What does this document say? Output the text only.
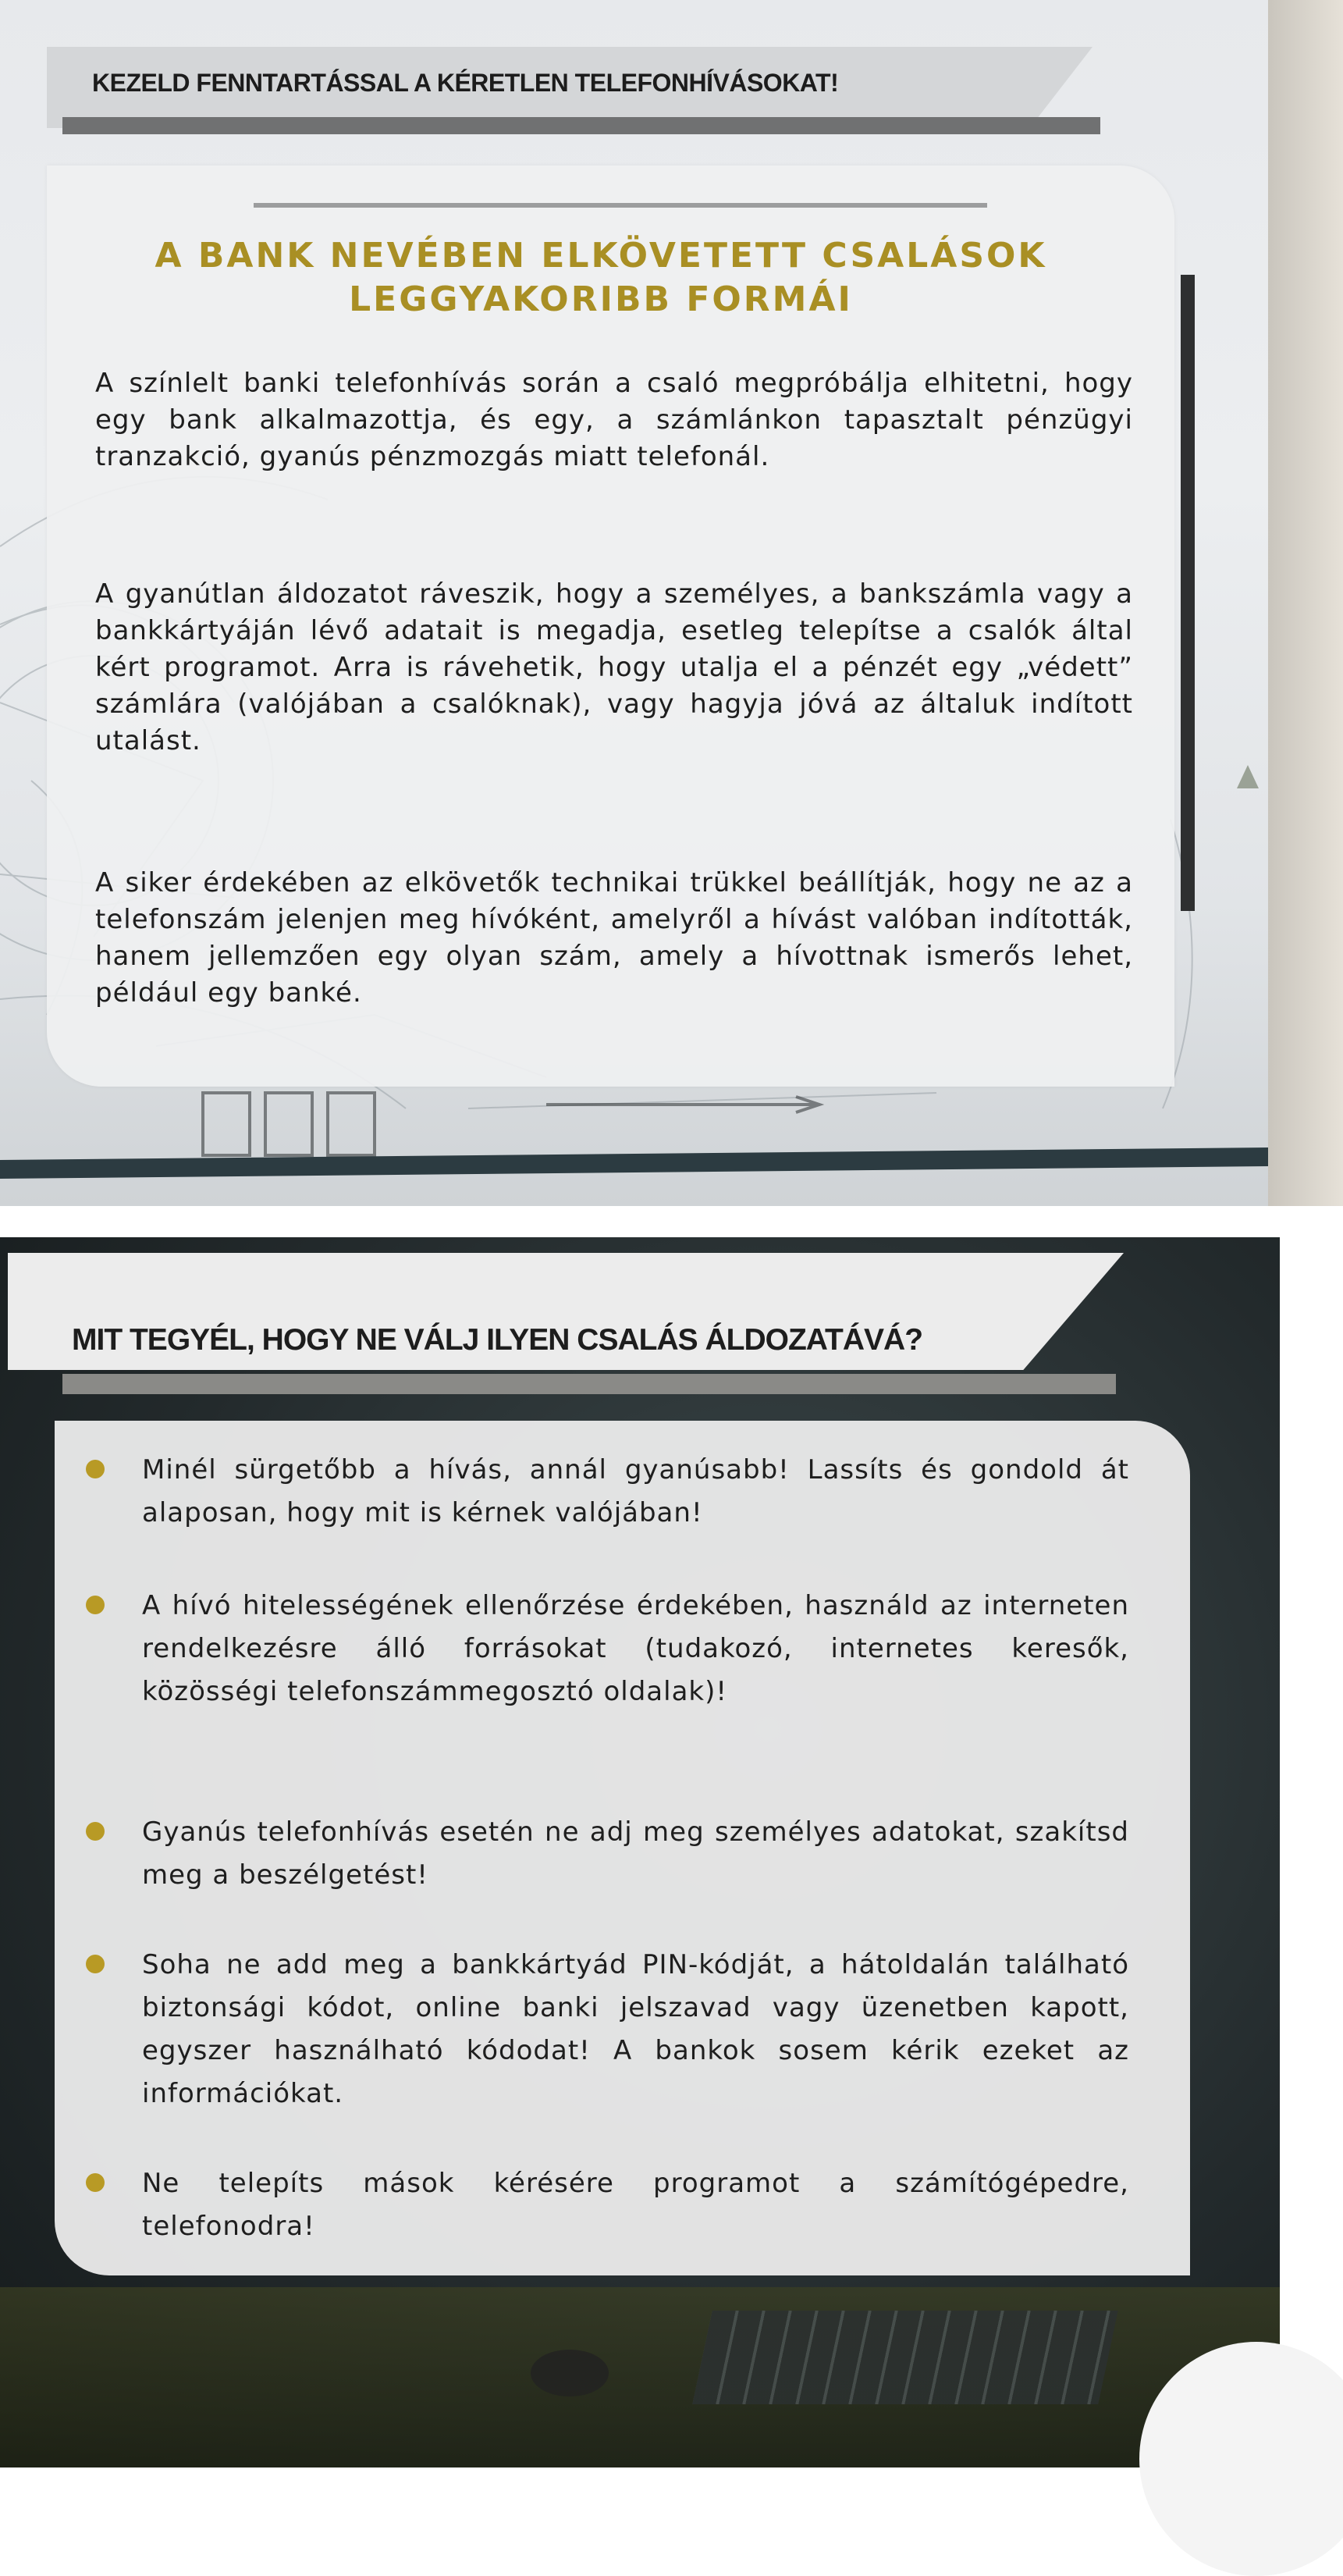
KEZELD FENNTARTÁSSAL A KÉRETLEN TELEFONHÍVÁSOKAT!
A BANK NEVÉBEN ELKÖVETETT CSALÁSOK
LEGGYAKORIBB FORMÁI

A színlelt banki telefonhívás során a csaló megpróbálja elhitetni, hogy egy bank alkalmazottja, és egy, a számlánkon tapasztalt pénzügyi tranzakció, gyanús pénzmozgás miatt telefonál.

A gyanútlan áldozatot ráveszik, hogy a személyes, a bankszámla vagy a bankkártyáján lévő adatait is megadja, esetleg telepítse a csalók által kért programot. Arra is rávehetik, hogy utalja el a pénzét egy „védett” számlára (valójában a csalóknak), vagy hagyja jóvá az általuk indított utalást.

A siker érdekében az elkövetők technikai trükkel beállítják, hogy ne az a telefonszám jelenjen meg hívóként, amelyről a hívást valóban indították, hanem jellemzően egy olyan szám, amely a hívottnak ismerős lehet, például egy banké.

MIT TEGYÉL, HOGY NE VÁLJ ILYEN CSALÁS ÁLDOZATÁVÁ?
Minél sürgetőbb a hívás, annál gyanúsabb! Lassíts és gondold át alaposan, hogy mit is kérnek valójában!
A hívó hitelességének ellenőrzése érdekében, használd az interneten rendelkezésre álló forrásokat (tudakozó, internetes keresők, közösségi telefonszámmegosztó oldalak)!
Gyanús telefonhívás esetén ne adj meg személyes adatokat, szakítsd meg a beszélgetést!
Soha ne add meg a bankkártyád PIN-kódját, a hátoldalán található biztonsági kódot, online banki jelszavad vagy üzenetben kapott, egyszer használható kódodat! A bankok sosem kérik ezeket az információkat.
Ne telepíts mások kérésére programot a számítógépedre, telefonodra!
